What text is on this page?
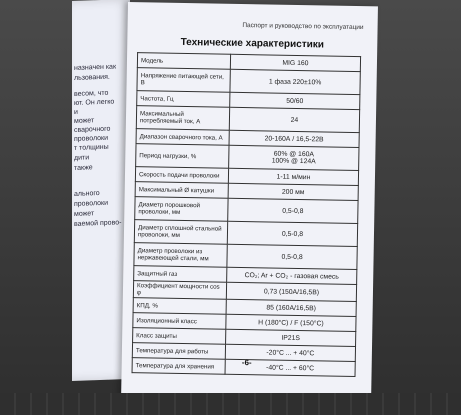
назначен как
льзования.
весом, что
ют. Он легко
и
может
сварочного
проволоки
т толщины
дити
также
ального
проволоки
может
ваемой прово-
Паспорт и руководство по эксплуатации
Технические характеристики
Модель	MIG 160
Напряжение питающей сети, В	1 фаза 220±10%
Частота, Гц	50/60
Максимальный потребляемый ток, А	24
Диапазон сварочного тока, А	20-160А / 16,5-22В
Период нагрузки, %	60% @ 160А
100% @ 124А

Скорость подачи проволоки	1-11 м/мин
Максимальный Ø катушки	200 мм
Диаметр порошковой проволоки, мм	0,5-0,8
Диаметр сплошной стальной проволоки, мм	0,5-0,8
Диаметр проволоки из нержавеющей стали, мм	0,5-0,8
Защитный газ	CO₂; Ar + CO₂ - газовая смесь
Коэффициент мощности cos φ	0,73 (150А/16,5В)
КПД, %	85 (160А/16,5В)
Изоляционный класс	Н (180°С) / F (150°С)
Класс защиты	IP21S
Температура для работы	-20°С ... + 40°С
Температура для хранения	-40°С ... + 60°С
-6-
